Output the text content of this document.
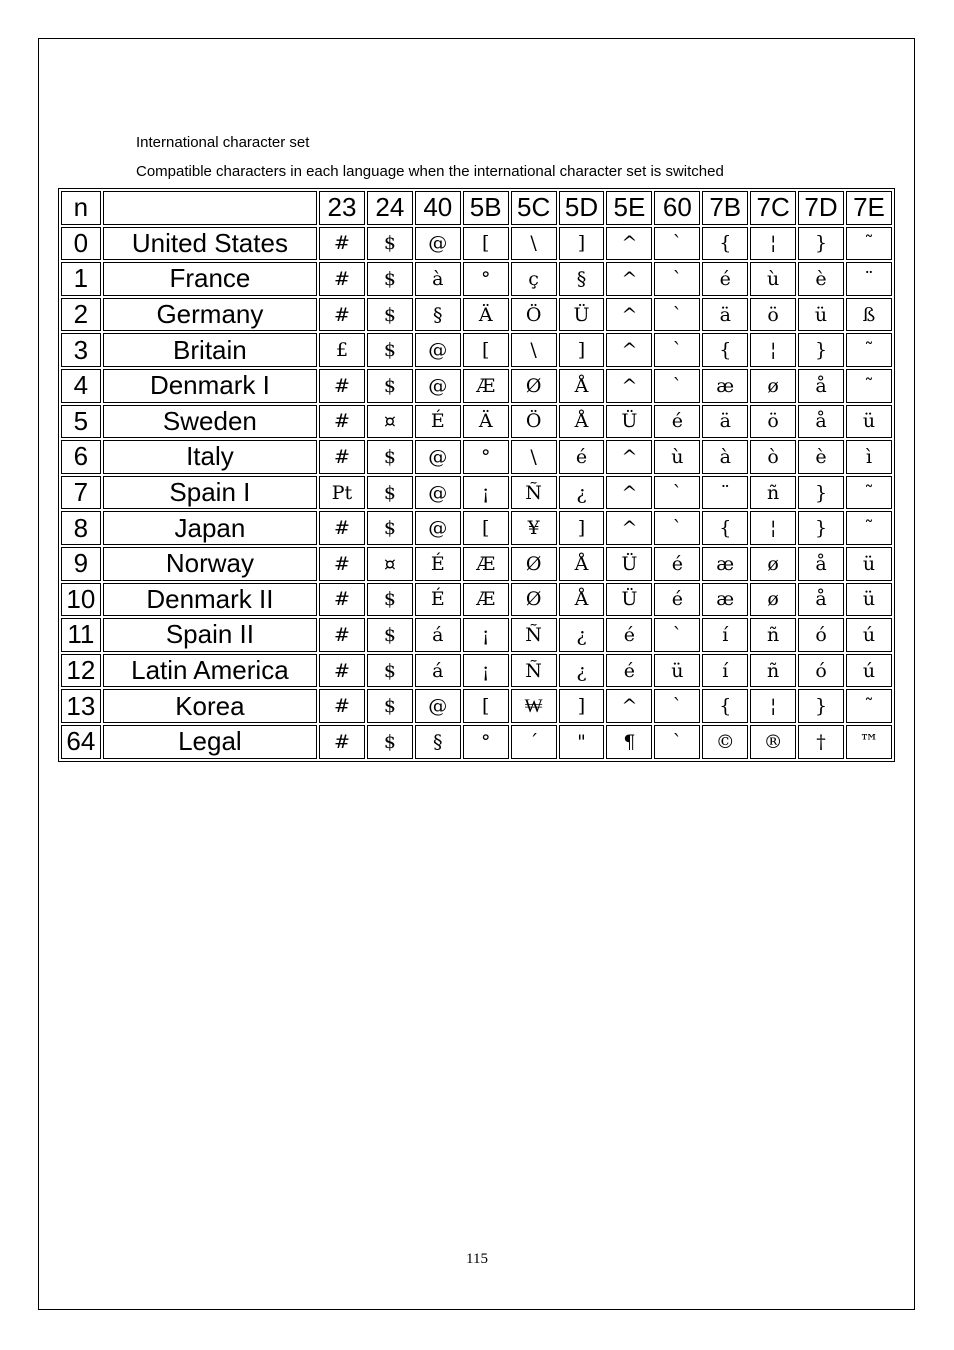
International character set
Compatible characters in each language when the international character set is switched
n		23	24	40	5B	5C	5D	5E	60	7B	7C	7D	7E
0	United States	#	$	@	[	\	]	^	`	{	¦	}	˜
1	France	#	$	à	°	ç	§	^	`	é	ù	è	¨
2	Germany	#	$	§	Ä	Ö	Ü	^	`	ä	ö	ü	ß
3	Britain	£	$	@	[	\	]	^	`	{	¦	}	˜
4	Denmark I	#	$	@	Æ	Ø	Å	^	`	æ	ø	å	˜
5	Sweden	#	¤	É	Ä	Ö	Å	Ü	é	ä	ö	å	ü
6	Italy	#	$	@	°	\	é	^	ù	à	ò	è	ì
7	Spain I	Pt	$	@	¡	Ñ	¿	^	`	¨	ñ	}	˜
8	Japan	#	$	@	[	¥	]	^	`	{	¦	}	˜
9	Norway	#	¤	É	Æ	Ø	Å	Ü	é	æ	ø	å	ü
10	Denmark II	#	$	É	Æ	Ø	Å	Ü	é	æ	ø	å	ü
11	Spain II	#	$	á	¡	Ñ	¿	é	`	í	ñ	ó	ú
12	Latin America	#	$	á	¡	Ñ	¿	é	ü	í	ñ	ó	ú
13	Korea	#	$	@	[	₩	]	^	`	{	¦	}	˜
64	Legal	#	$	§	°	´	"	¶	`	©	®	†	™
115
